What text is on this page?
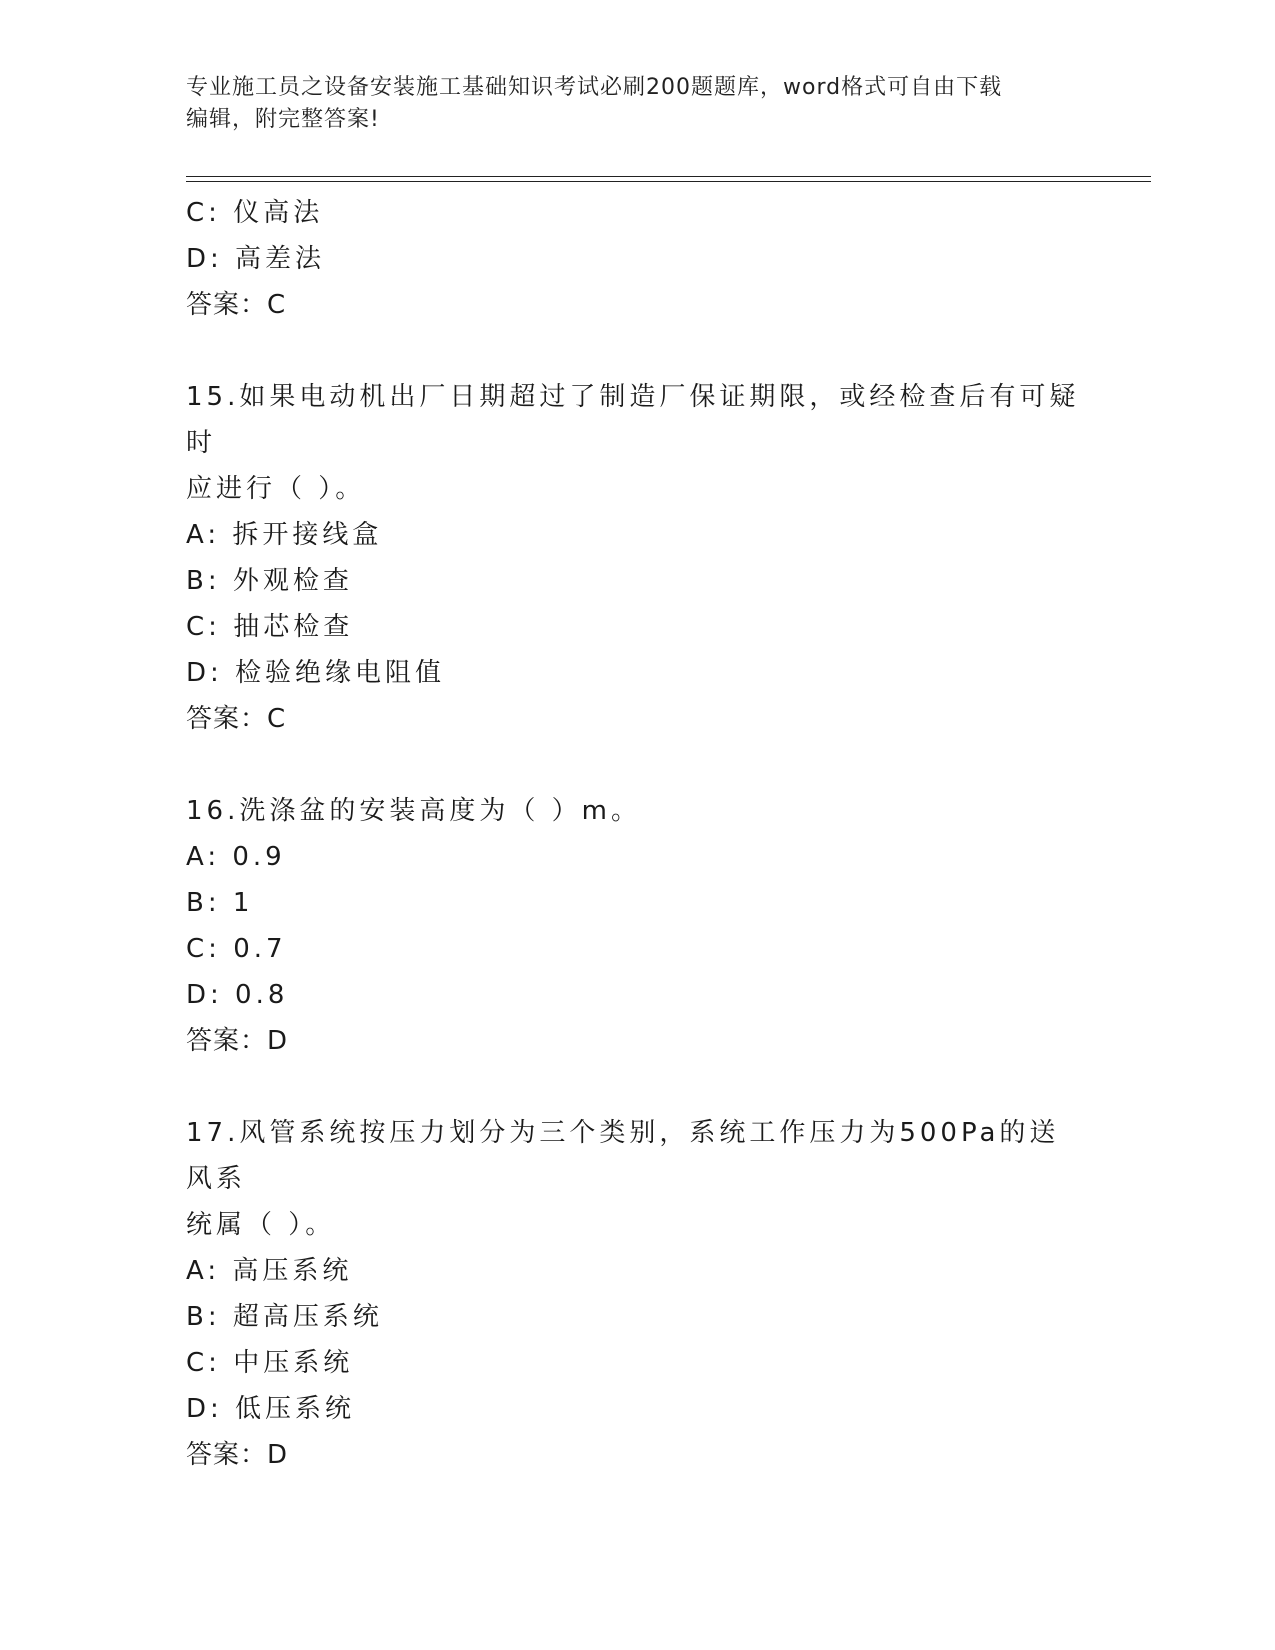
专业施工员之设备安装施工基础知识考试必刷200题题库，word格式可自由下载
编辑，附完整答案!
C: 仪高法
D: 高差法
答案：C
15.如果电动机出厂日期超过了制造厂保证期限，或经检查后有可疑时
应进行（ ）。
A: 拆开接线盒
B: 外观检查
C: 抽芯检查
D: 检验绝缘电阻值
答案：C
16.洗涤盆的安装高度为（ ）m。
A: 0.9
B: 1
C: 0.7
D: 0.8
答案：D
17.风管系统按压力划分为三个类别，系统工作压力为500Pa的送风系
统属（ ）。
A: 高压系统
B: 超高压系统
C: 中压系统
D: 低压系统
答案：D
